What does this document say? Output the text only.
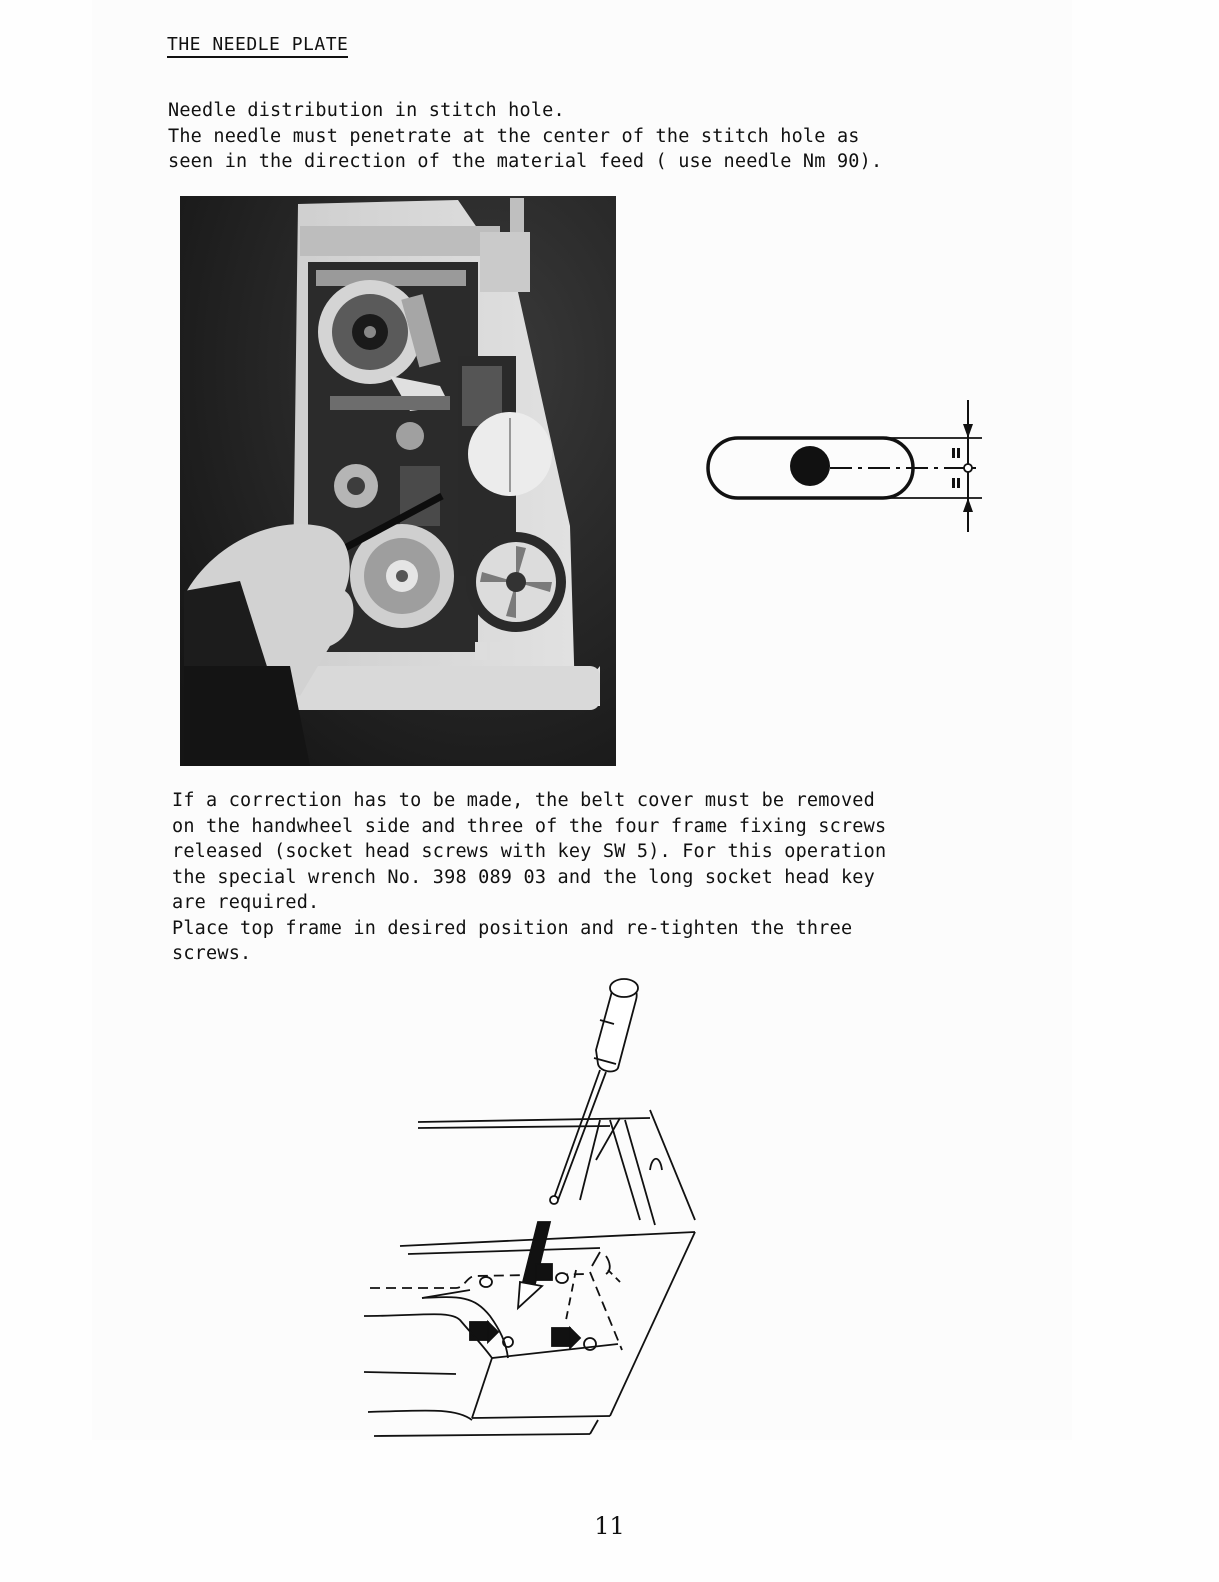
THE NEEDLE PLATE

Needle distribution in stitch hole.
The needle must penetrate at the center of the stitch hole as
seen in the direction of the material feed ( use needle Nm 90).

If a correction has to be made, the belt cover must be removed
on the handwheel side and three of the four frame fixing screws
released (socket head screws with key SW 5). For this operation
the special wrench No. 398 089 03 and the long socket head key
are required.
Place top frame in desired position and re-tighten the three
screws.

11
